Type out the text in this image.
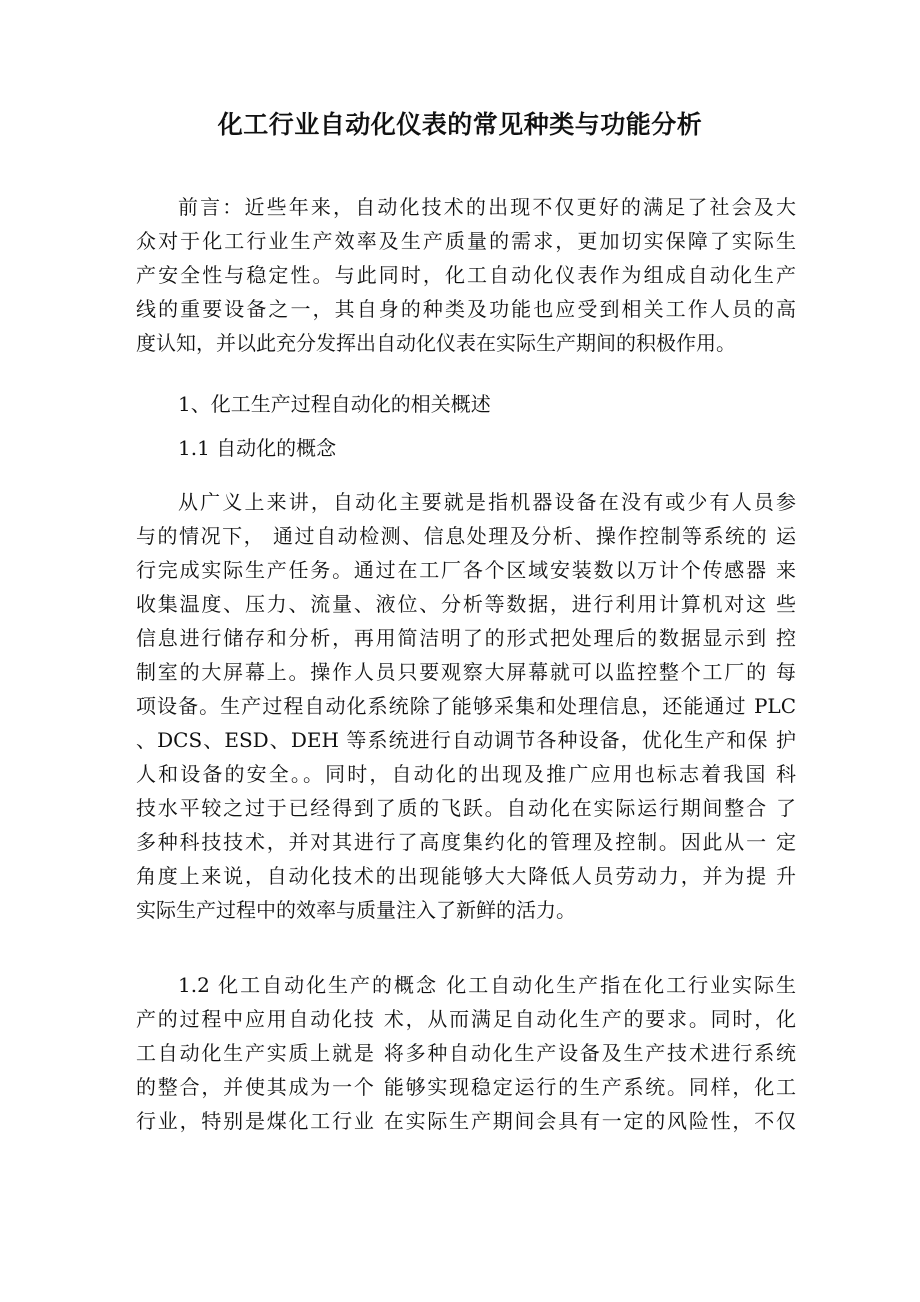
化工行业自动化仪表的常见种类与功能分析
前言：近些年来，自动化技术的出现不仅更好的满足了社会及大
众对于化工行业生产效率及生产质量的需求，更加切实保障了实际生
产安全性与稳定性。与此同时，化工自动化仪表作为组成自动化生产
线的重要设备之一，其自身的种类及功能也应受到相关工作人员的高
度认知，并以此充分发挥出自动化仪表在实际生产期间的积极作用。
1、化工生产过程自动化的相关概述
1.1 自动化的概念
从广义上来讲，自动化主要就是指机器设备在没有或少有人员参
与的情况下， 通过自动检测、信息处理及分析、操作控制等系统的 运
行完成实际生产任务。通过在工厂各个区域安装数以万计个传感器 来
收集温度、压力、流量、液位、分析等数据，进行利用计算机对这 些
信息进行储存和分析，再用简洁明了的形式把处理后的数据显示到 控
制室的大屏幕上。操作人员只要观察大屏幕就可以监控整个工厂的 每
项设备。生产过程自动化系统除了能够采集和处理信息，还能通过 PLC
、DCS、ESD、DEH 等系统进行自动调节各种设备，优化生产和保 护
人和设备的安全。。同时，自动化的出现及推广应用也标志着我国 科
技水平较之过于已经得到了质的飞跃。自动化在实际运行期间整合 了
多种科技技术，并对其进行了高度集约化的管理及控制。因此从一 定
角度上来说，自动化技术的出现能够大大降低人员劳动力，并为提 升
实际生产过程中的效率与质量注入了新鲜的活力。
1.2 化工自动化生产的概念 化工自动化生产指在化工行业实际生
产的过程中应用自动化技 术，从而满足自动化生产的要求。同时，化
工自动化生产实质上就是 将多种自动化生产设备及生产技术进行系统
的整合，并使其成为一个 能够实现稳定运行的生产系统。同样，化工
行业，特别是煤化工行业 在实际生产期间会具有一定的风险性，不仅
